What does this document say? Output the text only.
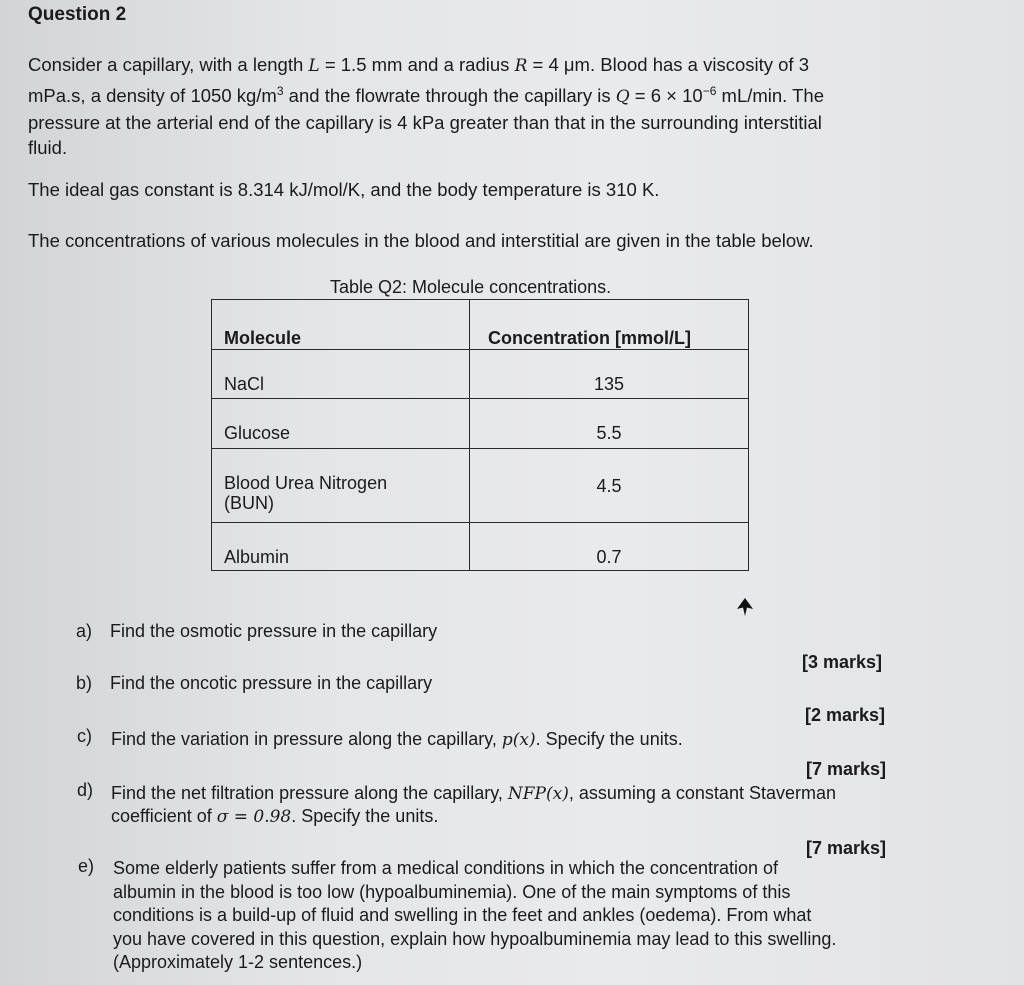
Question 2
Consider a capillary, with a length L = 1.5 mm and a radius R = 4 μm. Blood has a viscosity of 3
mPa.s, a density of 1050 $kg/m^3$ and the flowrate through the capillary is $Q = 6 \times 10^{-6}$ mL/min. The
pressure at the arterial end of the capillary is 4 kPa greater than that in the surrounding interstitial
fluid.
The ideal gas constant is 8.314 kJ/mol/K, and the body temperature is 310 K.
The concentrations of various molecules in the blood and interstitial are given in the table below.
Table Q2: Molecule concentrations.
Molecule	Concentration [mmol/L]
NaCl	135
Glucose	5.5

Blood Urea Nitrogen
(BUN)	4.5
Albumin	0.7
a) Find the osmotic pressure in the capillary
[3 marks]
b) Find the oncotic pressure in the capillary
[2 marks]
c) Find the variation in pressure along the capillary, p(x). Specify the units.
[7 marks]
d) Find the net filtration pressure along the capillary, NFP(x), assuming a constant Staverman
coefficient of σ = 0.98. Specify the units.
[7 marks]
e) Some elderly patients suffer from a medical conditions in which the concentration of
albumin in the blood is too low (hypoalbuminemia). One of the main symptoms of this
conditions is a build-up of fluid and swelling in the feet and ankles (oedema). From what
you have covered in this question, explain how hypoalbuminemia may lead to this swelling.
(Approximately 1-2 sentences.)
